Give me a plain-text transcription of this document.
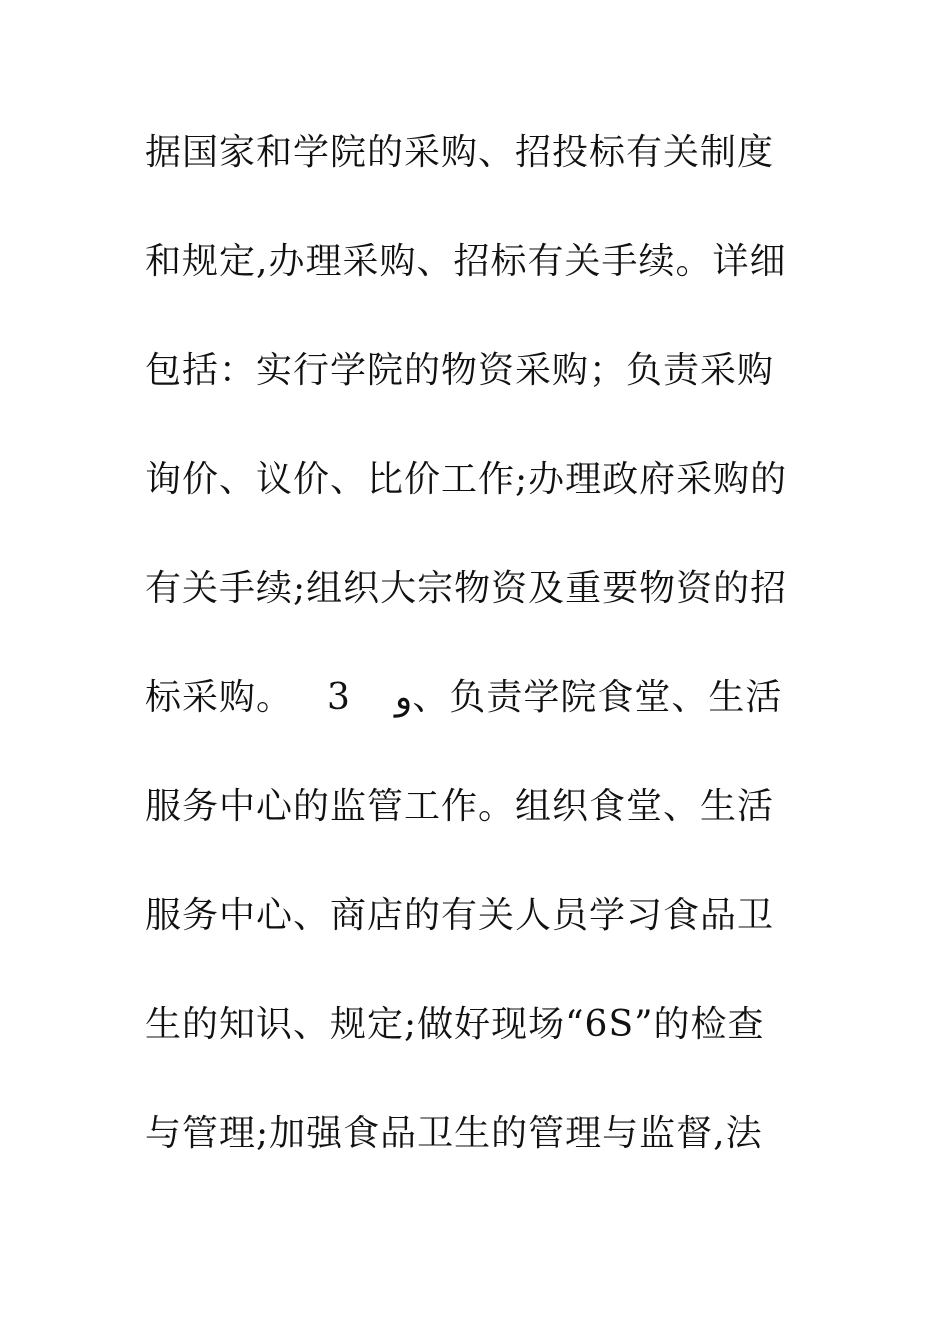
据国家和学院的采购、招投标有关制度
和规定,办理采购、招标有关手续。详细
包括：实行学院的物资采购；负责采购
询价、议价、比价工作;办理政府采购的
有关手续;组织大宗物资及重要物资的招
标采购。 3 و、负责学院食堂、生活
服务中心的监管工作。组织食堂、生活
服务中心、商店的有关人员学习食品卫
生的知识、规定;做好现场“6S”的检查
与管理;加强食品卫生的管理与监督,法
